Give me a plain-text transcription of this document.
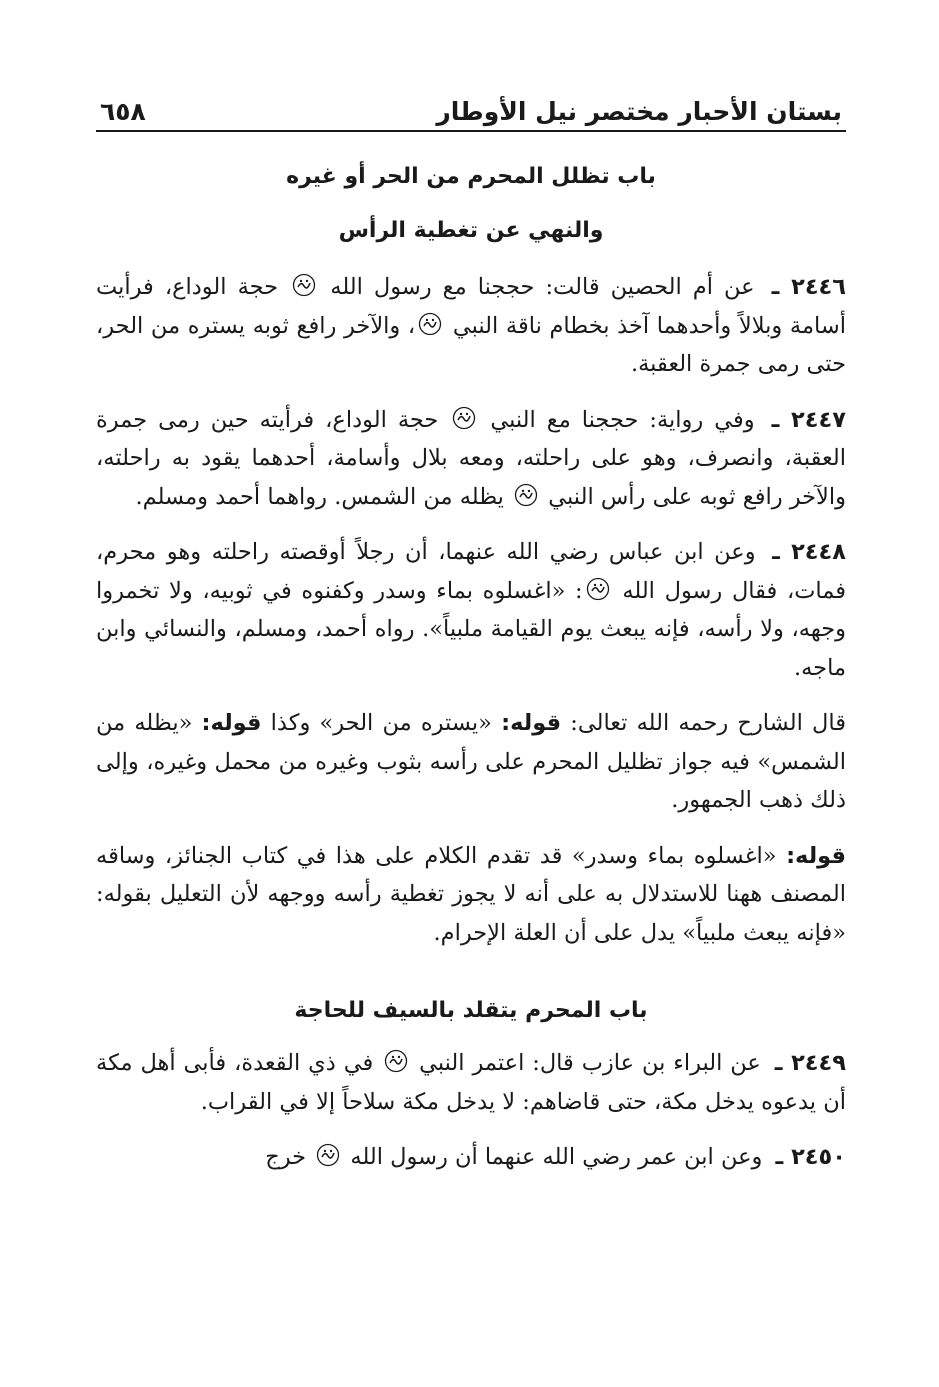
بستان الأحبار مختصر نيل الأوطار
٦٥٨
باب تظلل المحرم من الحر أو غيره
والنهي عن تغطية الرأس

٢٤٤٦ ـ عن أم الحصين قالت: حججنا مع رسول الله
حجة الوداع، فرأيت أسامة وبلالاً وأحدهما آخذ بخطام ناقة النبي
، والآخر رافع ثوبه يستره من الحر، حتى رمى جمرة العقبة.

٢٤٤٧ ـ وفي رواية: حججنا مع النبي
حجة الوداع، فرأيته حين رمى جمرة العقبة، وانصرف، وهو على راحلته، ومعه بلال وأسامة، أحدهما يقود به راحلته، والآخر رافع ثوبه على رأس النبي
يظله من الشمس. رواهما أحمد ومسلم.

٢٤٤٨ ـ وعن ابن عباس رضي الله عنهما، أن رجلاً أوقصته راحلته وهو محرم، فمات، فقال رسول الله
: «اغسلوه بماء وسدر وكفنوه في ثوبيه، ولا تخمروا وجهه، ولا رأسه، فإنه يبعث يوم القيامة ملبياً». رواه أحمد، ومسلم، والنسائي وابن ماجه.

قال الشارح رحمه الله تعالى: قوله: «يستره من الحر» وكذا قوله: «يظله من الشمس» فيه جواز تظليل المحرم على رأسه بثوب وغيره من محمل وغيره، وإلى ذلك ذهب الجمهور.

قوله: «اغسلوه بماء وسدر» قد تقدم الكلام على هذا في كتاب الجنائز، وساقه المصنف ههنا للاستدلال به على أنه لا يجوز تغطية رأسه ووجهه لأن التعليل بقوله: «فإنه يبعث ملبياً» يدل على أن العلة الإحرام.

باب المحرم يتقلد بالسيف للحاجة

٢٤٤٩ ـ عن البراء بن عازب قال: اعتمر النبي
في ذي القعدة، فأبى أهل مكة أن يدعوه يدخل مكة، حتى قاضاهم: لا يدخل مكة سلاحاً إلا في القراب.

٢٤٥٠ ـ وعن ابن عمر رضي الله عنهما أن رسول الله
خرج
